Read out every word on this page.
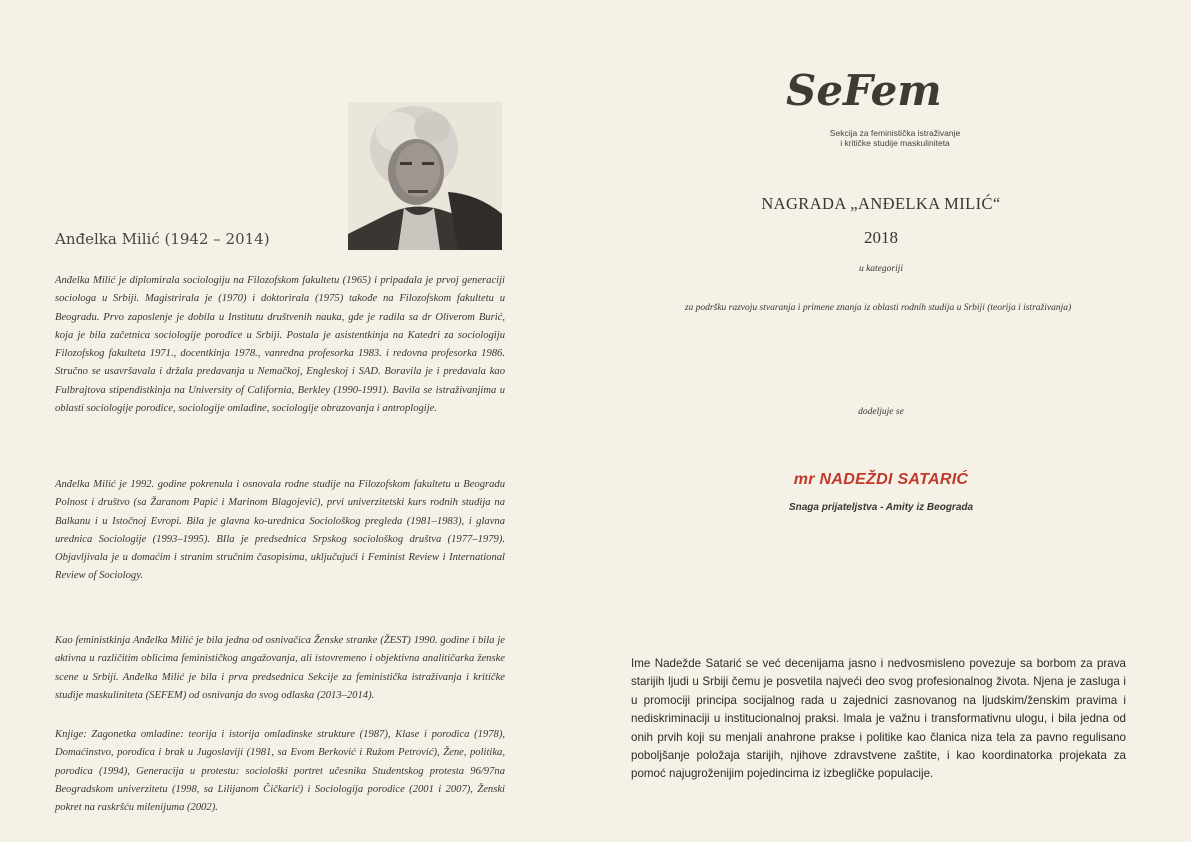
Anđelka Milić (1942 – 2014)

Anđelka Milić je diplomirala sociologiju na Filozofskom fakultetu (1965) i pripadala je prvoj generaciji sociologa u Srbiji. Magistrirala je (1970) i doktorirala (1975) takođe na Filozofskom fakultetu u Beogradu. Prvo zaposlenje je dobila u Institutu društvenih nauka, gde je radila sa dr Oliverom Burić, koja je bila začetnica sociologije porodice u Srbiji. Postala je asistentkinja na Katedri za sociologiju Filozofskog fakulteta 1971., docentkinja 1978., vanredna profesorka 1983. i redovna profesorka 1986. Stručno se usavršavala i držala predavanja u Nemačkoj, Engleskoj i SAD. Boravila je i predavala kao Fulbrajtova stipendistkinja na University of California, Berkley (1990-1991). Bavila se istraživanjima u oblasti sociologije porodice, sociologije omladine, sociologije obrazovanja i antroplogije.

Anđelka Milić je 1992. godine pokrenula i osnovala rodne studije na Filozofskom fakultetu u Beogradu Polnost i društvo (sa Žaranom Papić i Marinom Blagojević), prvi univerzitetski kurs rodnih studija na Balkanu i u Istočnoj Evropi. Bila je glavna ko-urednica Sociološkog pregleda (1981–1983), i glavna urednica Sociologije (1993–1995). BIla je predsednica Srpskog sociološkog društva (1977–1979). Objavljivala je u domaćim i stranim stručnim časopisima, uključujući i Feminist Review i International Review of Sociology.

Kao feministkinja Anđelka Milić je bila jedna od osnivačica Ženske stranke (ŽEST) 1990. godine i bila je aktivna u različitim oblicima feminističkog angažovanja, ali istovremeno i objektivna analitičarka ženske scene u Srbiji. Anđelka Milić je bila i prva predsednica Sekcije za feministička istraživanja i kritičke studije maskuliniteta (SEFEM) od osnivanja do svog odlaska (2013–2014).

Knjige: Zagonetka omladine: teorija i istorija omladinske strukture (1987), Klase i porodica (1978), Domaćinstvo, porodica i brak u Jugoslaviji (1981, sa Evom Berković i Ružom Petrović), Žene, politika, porodica (1994), Generacija u protestu: sociološki portret učesnika Studentskog protesta 96/97na Beogradskom univerzitetu (1998, sa Lilijanom Čičkarić) i Sociologija porodice (2001 i 2007), Ženski pokret na raskršću milenijuma (2002).

SeFem
Sekcija za feministička istraživanje
i kritičke studije maskuliniteta
NAGRADA „ANĐELKA MILIĆ“
2018
u kategoriji
za podršku razvoju stvaranja i primene znanja iz oblasti rodnih studija u Srbiji (teorija i istraživanja)
dodeljuje se
mr NADEŽDI SATARIĆ
Snaga prijateljstva - Amity iz Beograda

Ime Nadežde Satarić se već decenijama jasno i nedvosmisleno povezuje sa borbom za prava starijih ljudi u Srbiji čemu je posvetila najveći deo svog profesionalnog života. Njena je zasluga i u promociji principa socijalnog rada u zajednici zasnovanog na ljudskim/ženskim pravima i nediskriminaciji u institucionalnoj praksi. Imala je važnu i transformativnu ulogu, i bila jedna od onih prvih koji su menjali anahrone prakse i politike kao članica niza tela za pavno regulisano poboljšanje položaja starijih, njihove zdravstvene zaštite, i kao koordinatorka projekata za pomoć najugroženijim pojedincima iz izbegličke populacije.
